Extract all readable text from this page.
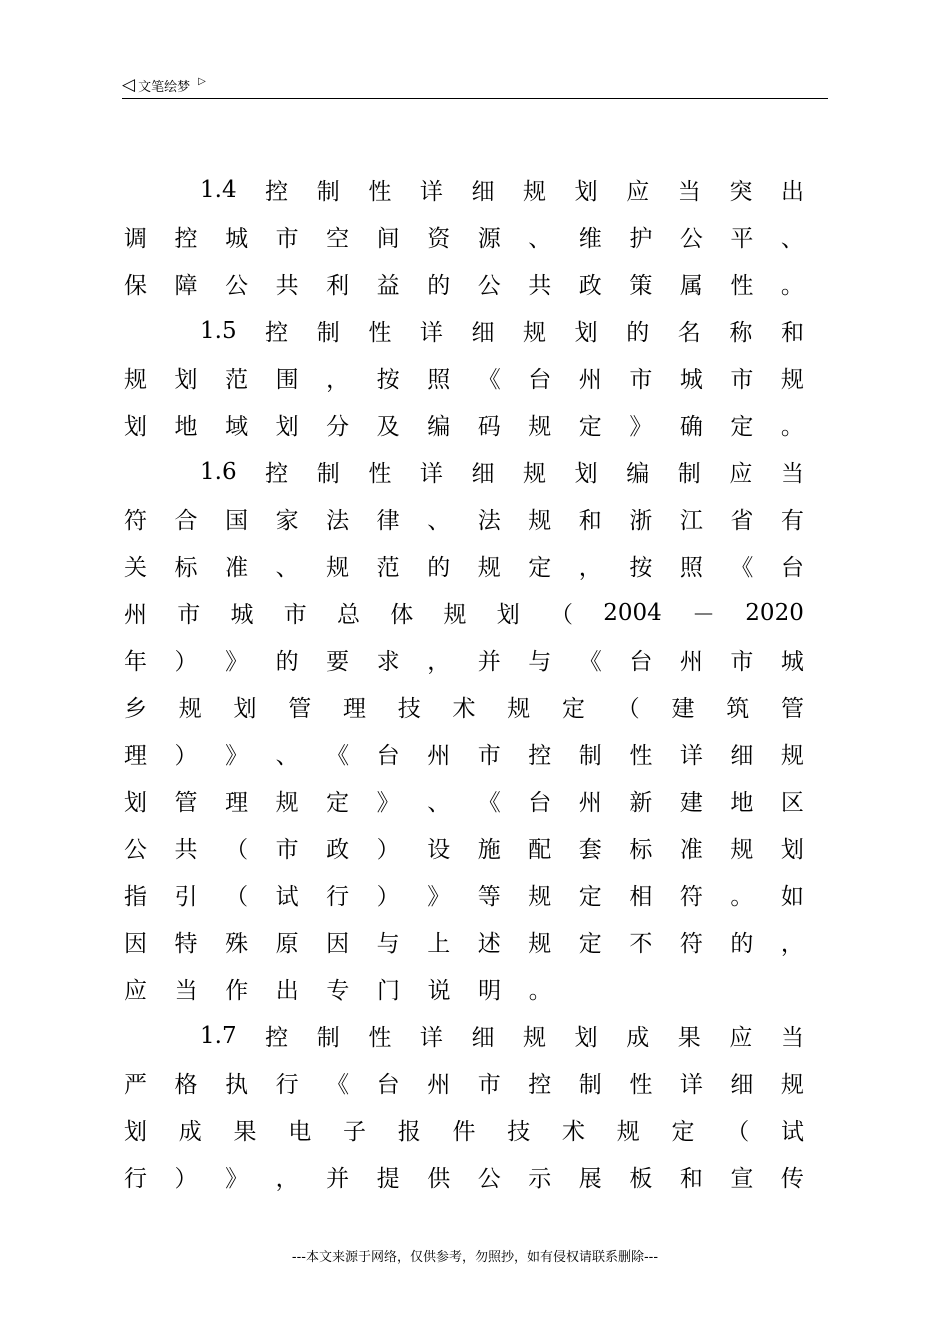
◁ 文笔绘梦 ▷
1.4 控 制 性 详 细 规 划 应 当 突 出
调 控 城 市 空 间 资 源 、 维 护 公 平 、
保 障 公 共 利 益 的 公 共 政 策 属 性 。
1.5 控 制 性 详 细 规 划 的 名 称 和
规 划 范 围 ， 按 照 《 台 州 市 城 市 规
划 地 域 划 分 及 编 码 规 定 》 确 定 。
1.6 控 制 性 详 细 规 划 编 制 应 当
符 合 国 家 法 律 、 法 规 和 浙 江 省 有
关 标 准 、 规 范 的 规 定 ， 按 照 《 台
州 市 城 市 总 体 规 划 （ 2004 － 2020
年 ） 》 的 要 求 ， 并 与 《 台 州 市 城
乡 规 划 管 理 技 术 规 定 （ 建 筑 管
理 ） 》 、 《 台 州 市 控 制 性 详 细 规
划 管 理 规 定 》 、 《 台 州 新 建 地 区
公 共 （ 市 政 ） 设 施 配 套 标 准 规 划
指 引 （ 试 行 ） 》 等 规 定 相 符 。 如
因 特 殊 原 因 与 上 述 规 定 不 符 的 ，
应 当 作 出 专 门 说 明 。
1.7 控 制 性 详 细 规 划 成 果 应 当
严 格 执 行 《 台 州 市 控 制 性 详 细 规
划 成 果 电 子 报 件 技 术 规 定 （ 试
行 ） 》 ， 并 提 供 公 示 展 板 和 宣 传
---本文来源于网络，仅供参考，勿照抄，如有侵权请联系删除---
